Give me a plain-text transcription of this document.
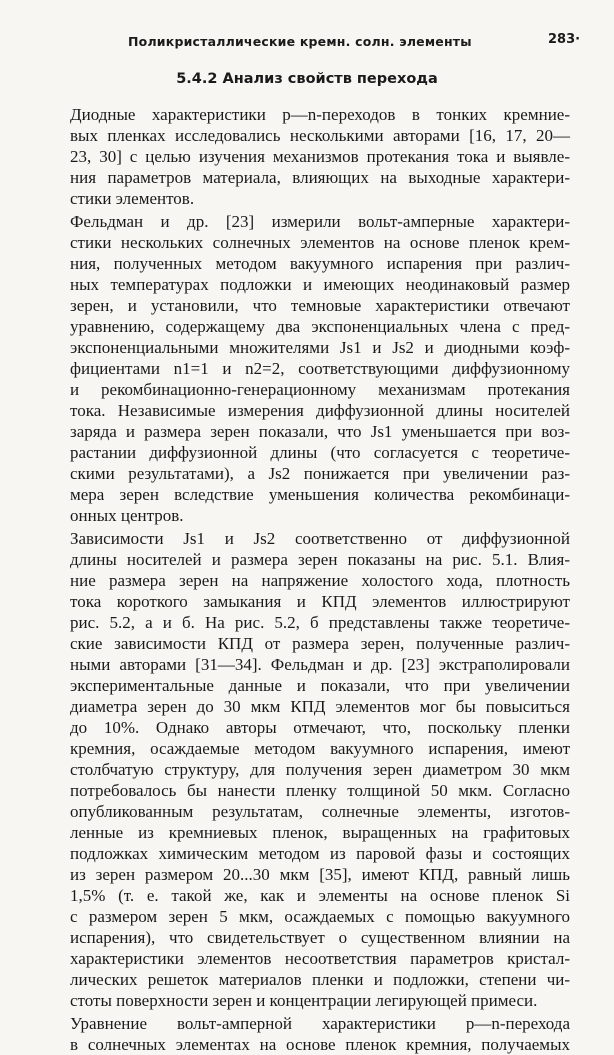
Поликристаллические кремн. солн. элементы	283·
5.4.2 Анализ свойств перехода

Диодные характеристики p—n-переходов в тонких кремние-
вых пленках исследовались несколькими авторами [16, 17, 20—
23, 30] с целью изучения механизмов протекания тока и выявле-
ния параметров материала, влияющих на выходные характери-
стики элементов.

Фельдман и др. [23] измерили вольт-амперные характери-
стики нескольких солнечных элементов на основе пленок крем-
ния, полученных методом вакуумного испарения при различ-
ных температурах подложки и имеющих неодинаковый размер
зерен, и установили, что темновые характеристики отвечают
уравнению, содержащему два экспоненциальных члена с пред-
экспоненциальными множителями Js1 и Js2 и диодными коэф-
фициентами n1=1 и n2=2, соответствующими диффузионному
и рекомбинационно-генерационному механизмам протекания
тока. Независимые измерения диффузионной длины носителей
заряда и размера зерен показали, что Js1 уменьшается при воз-
растании диффузионной длины (что согласуется с теоретиче-
скими результатами), а Js2 понижается при увеличении раз-
мера зерен вследствие уменьшения количества рекомбинаци-
онных центров.

Зависимости Js1 и Js2 соответственно от диффузионной
длины носителей и размера зерен показаны на рис. 5.1. Влия-
ние размера зерен на напряжение холостого хода, плотность
тока короткого замыкания и КПД элементов иллюстрируют
рис. 5.2, а и б. На рис. 5.2, б представлены также теоретиче-
ские зависимости КПД от размера зерен, полученные различ-
ными авторами [31—34]. Фельдман и др. [23] экстраполировали
экспериментальные данные и показали, что при увеличении
диаметра зерен до 30 мкм КПД элементов мог бы повыситься
до 10%. Однако авторы отмечают, что, поскольку пленки
кремния, осаждаемые методом вакуумного испарения, имеют
столбчатую структуру, для получения зерен диаметром 30 мкм
потребовалось бы нанести пленку толщиной 50 мкм. Согласно
опубликованным результатам, солнечные элементы, изготов-
ленные из кремниевых пленок, выращенных на графитовых
подложках химическим методом из паровой фазы и состоящих
из зерен размером 20...30 мкм [35], имеют КПД, равный лишь
1,5% (т. е. такой же, как и элементы на основе пленок Si
с размером зерен 5 мкм, осаждаемых с помощью вакуумного
испарения), что свидетельствует о существенном влиянии на
характеристики элементов несоответствия параметров кристал-
лических решеток материалов пленки и подложки, степени чи-
стоты поверхности зерен и концентрации легирующей примеси.

Уравнение вольт-амперной характеристики p—n-перехода
в солнечных элементах на основе пленок кремния, получаемых
